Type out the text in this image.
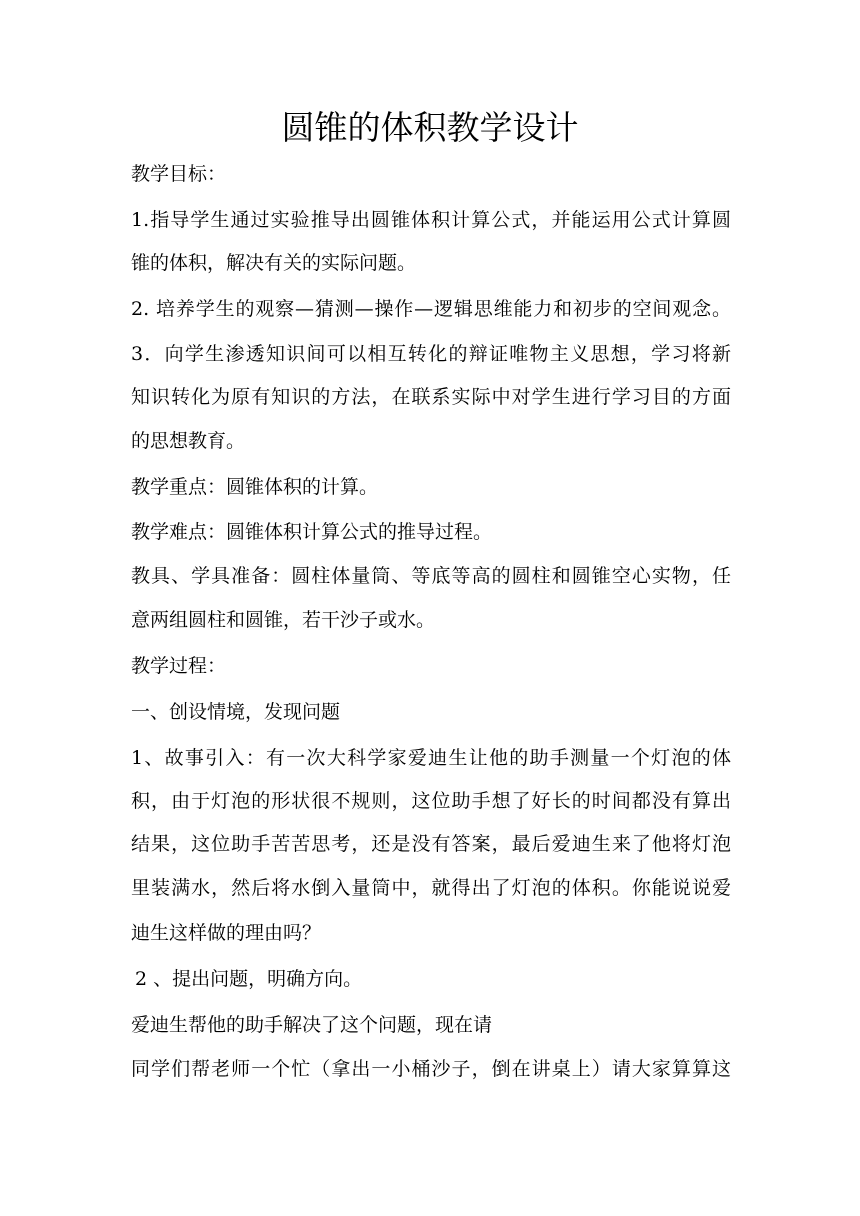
圆锥的体积教学设计

教学目标：

1.指导学生通过实验推导出圆锥体积计算公式，并能运用公式计算圆

锥的体积，解决有关的实际问题。

2. 培养学生的观察—猜测—操作—逻辑思维能力和初步的空间观念。

3．向学生渗透知识间可以相互转化的辩证唯物主义思想，学习将新

知识转化为原有知识的方法，在联系实际中对学生进行学习目的方面

的思想教育。

教学重点：圆锥体积的计算。

教学难点：圆锥体积计算公式的推导过程。

教具、学具准备：圆柱体量筒、等底等高的圆柱和圆锥空心实物，任

意两组圆柱和圆锥，若干沙子或水。

教学过程：

一、创设情境，发现问题

1、故事引入：有一次大科学家爱迪生让他的助手测量一个灯泡的体

积，由于灯泡的形状很不规则，这位助手想了好长的时间都没有算出

结果，这位助手苦苦思考，还是没有答案，最后爱迪生来了他将灯泡

里装满水，然后将水倒入量筒中，就得出了灯泡的体积。你能说说爱

迪生这样做的理由吗？

2 、提出问题，明确方向。

爱迪生帮他的助手解决了这个问题，现在请

同学们帮老师一个忙（拿出一小桶沙子，倒在讲桌上）请大家算算这
